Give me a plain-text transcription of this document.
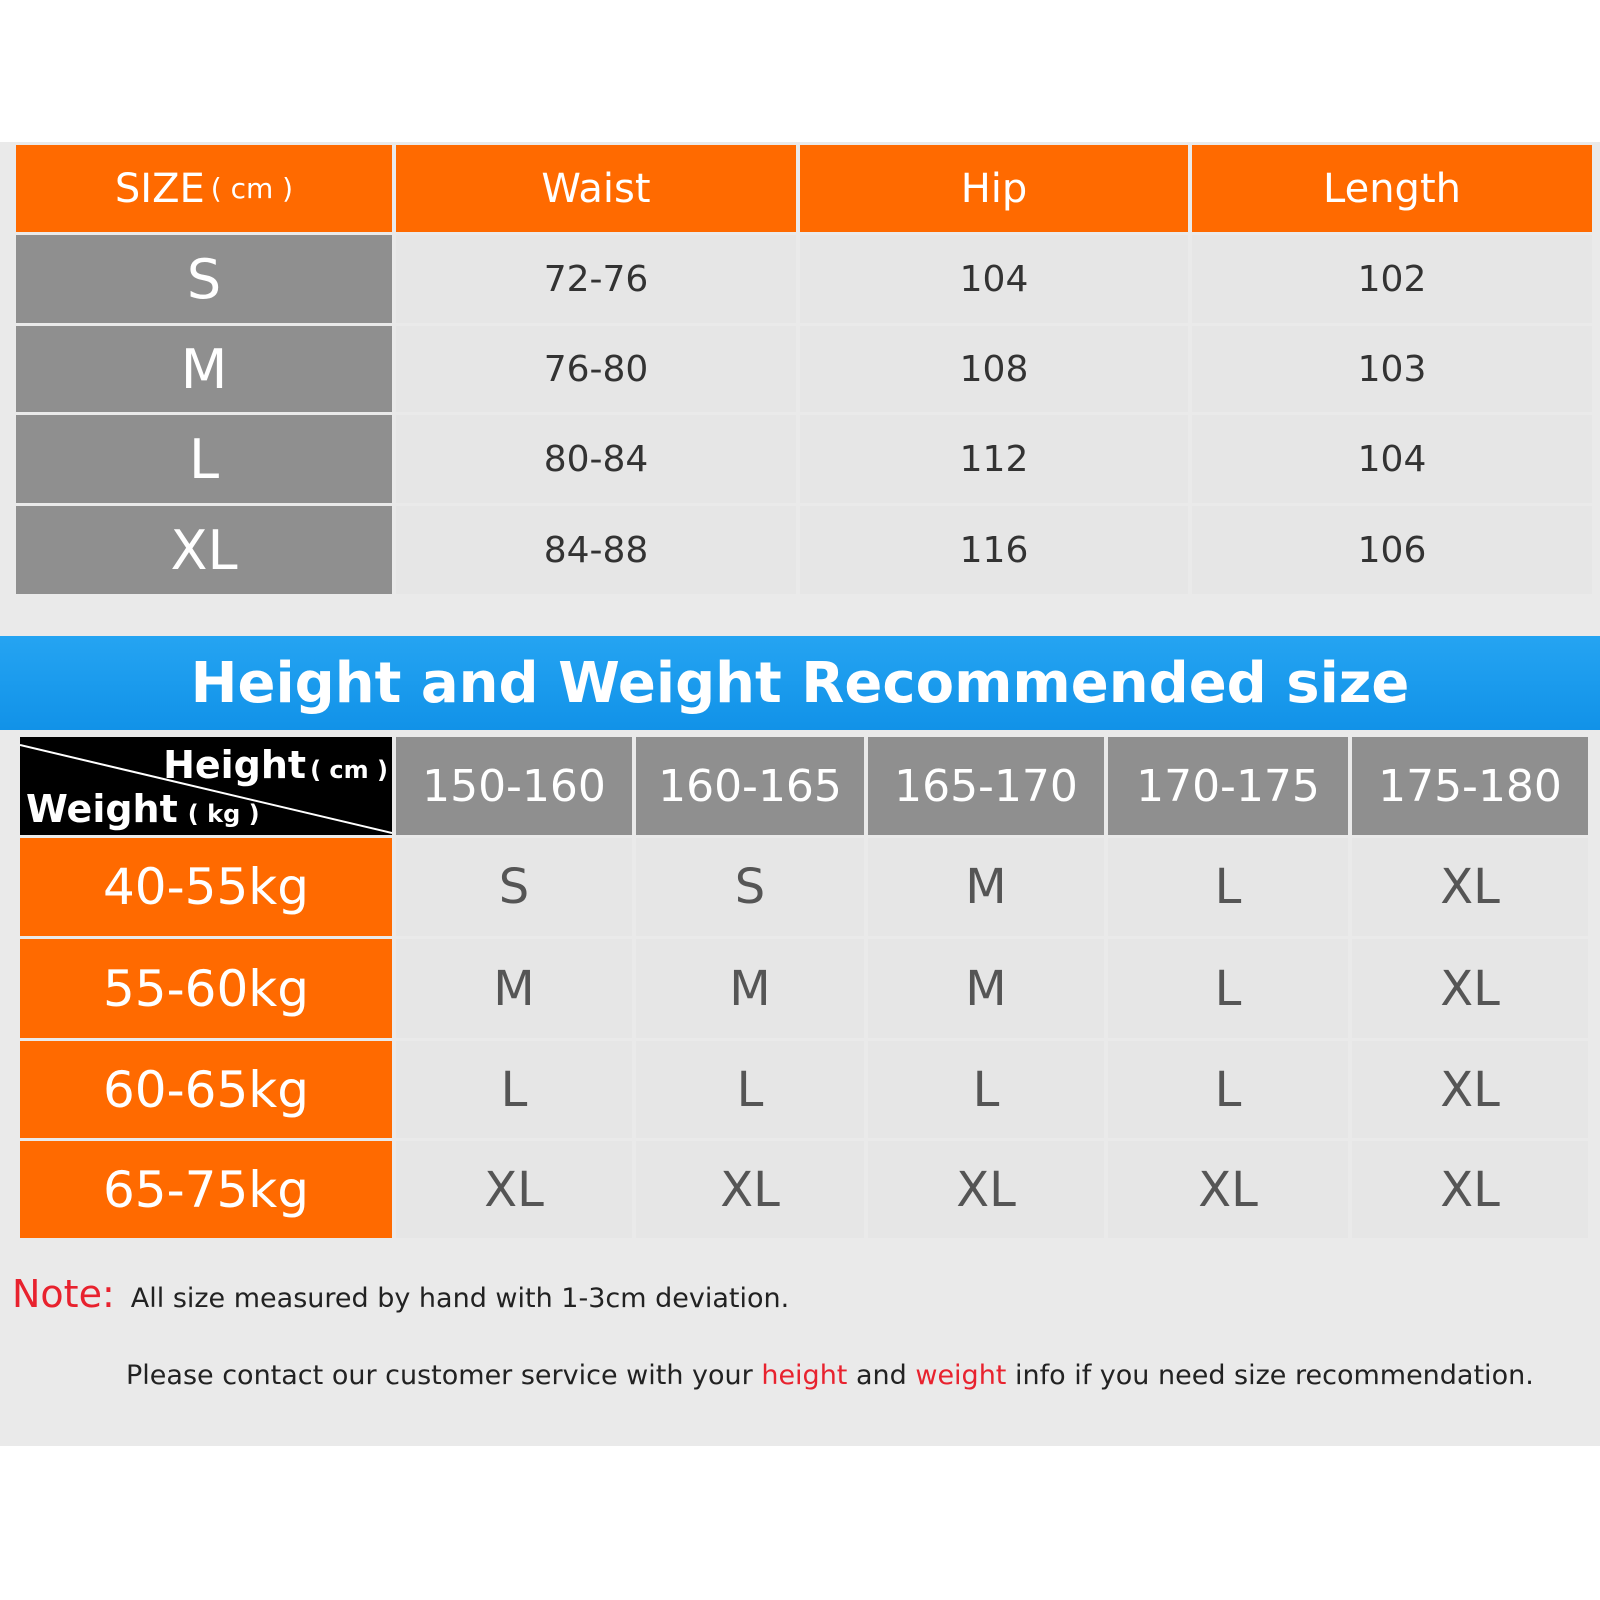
SIZE ( cm )	Waist	Hip	Length
S	72-76	104	102
M	76-80	108	103
L	80-84	112	104
XL	84-88	116	106
Height and Weight Recommended size
Height ( cm )
Weight ( kg )
150-160	160-165	165-170	170-175	175-180
40-55kg	S	S	M	L	XL
55-60kg	M	M	M	L	XL
60-65kg	L	L	L	L	XL
65-75kg	XL	XL	XL	XL	XL
Note: All size measured by hand with 1-3cm deviation.
Please contact our customer service with your height and weight info if you need size recommendation.
